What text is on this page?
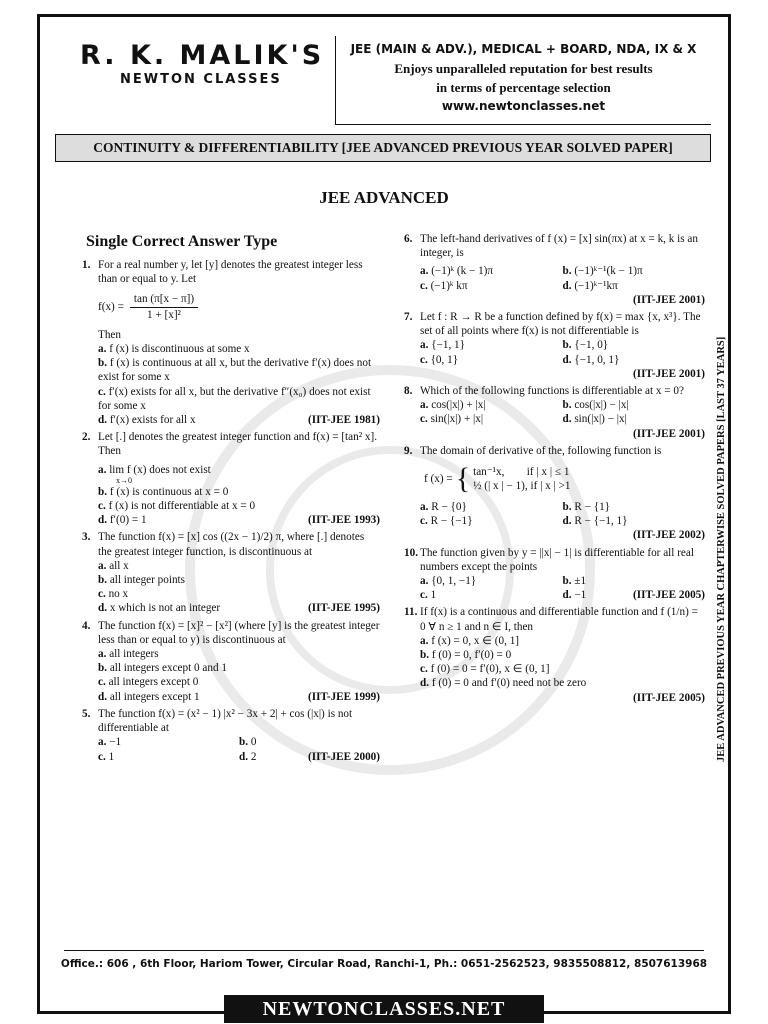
R. K. MALIK'S
NEWTON CLASSES
JEE (MAIN & ADV.), MEDICAL + BOARD, NDA, IX & X
Enjoys unparalleled reputation for best results
in terms of percentage selection
www.newtonclasses.net
CONTINUITY & DIFFERENTIABILITY [JEE ADVANCED PREVIOUS YEAR SOLVED PAPER]
JEE ADVANCED
Single Correct Answer Type
1. For a real number y, let [y] denotes the greatest integer less than or equal to y. Let
$f(x) = \frac{\tan (\pi[x - \pi])}{\text{1 + [x]²}}$
Then
a. f (x) is discontinuous at some x
b. f (x) is continuous at all x, but the derivative f′(x) does not exist for some x
c. f′(x) exists for all x, but the derivative f″(x₀) does not exist for some x
(IIT-JEE 1981)
d. f′(x) exists for all x
2. Let [.] denotes the greatest integer function and f(x) = [tan² x]. Then
a. lim f (x) does not exist
x→0
b. f (x) is continuous at x = 0
c. f (x) is not differentiable at x = 0
(IIT-JEE 1993)
d. f′(0) = 1
3. The function f(x) = [x] cos ((2x − 1)/2) π, where [.] denotes the greatest integer function, is discontinuous at
a. all x
b. all integer points
c. no x
(IIT-JEE 1995)
d. x which is not an integer
4. The function f(x) = [x]² − [x²] (where [y] is the greatest integer less than or equal to y) is discontinuous at
a. all integers
b. all integers except 0 and 1
c. all integers except 0
(IIT-JEE 1999)
d. all integers except 1
5. The function f(x) = (x² − 1) |x² − 3x + 2| + cos (|x|) is not differentiable at
a. −1	b. 0
c. 1	d. 2	(IIT-JEE 2000)
6. The left-hand derivatives of f (x) = [x] sin(πx) at x = k, k is an integer, is
a. (−1)ᵏ (k − 1)π	b. (−1)ᵏ⁻¹(k − 1)π
c. (−1)ᵏ kπ	d. (−1)ᵏ⁻¹kπ
(IIT-JEE 2001)
7. Let f : R → R be a function defined by f(x) = max {x, x³}. The set of all points where f(x) is not differentiable is
a. {−1, 1}	b. {−1, 0}
c. {0, 1}	d. {−1, 0, 1}
(IIT-JEE 2001)
8. Which of the following functions is differentiable at x = 0?
a. cos(|x|) + |x|	b. cos(|x|) − |x|
c. sin(|x|) + |x|	d. sin(|x|) − |x|
(IIT-JEE 2001)
9. The domain of derivative of the, following function is
f (x) = { tan⁻¹x,        if | x | ≤ 1
½ (| x | − 1), if | x | >1
a. R − {0}	b. R − {1}
c. R − {−1}	d. R − {−1, 1}
(IIT-JEE 2002)
10. The function given by y = ||x| − 1| is differentiable for all real numbers except the points
a. {0, 1, −1}	b. ±1
c. 1	d. −1	(IIT-JEE 2005)
11. If f(x) is a continuous and differentiable function and f (1/n) = 0 ∀ n ≥ 1 and n ∈ I, then
a. f (x) = 0, x ∈ (0, 1]
b. f (0) = 0, f′(0) = 0
c. f (0) = 0 = f′(0), x ∈ (0, 1]
d. f (0) = 0 and f′(0) need not be zero
(IIT-JEE 2005) JEE ADVANCED PREVIOUS YEAR CHAPTERWISE SOLVED PAPERS [LAST 37 YEARS]
Office.: 606 , 6th Floor, Hariom Tower, Circular Road, Ranchi-1, Ph.: 0651-2562523, 9835508812, 8507613968
NEWTONCLASSES.NET
